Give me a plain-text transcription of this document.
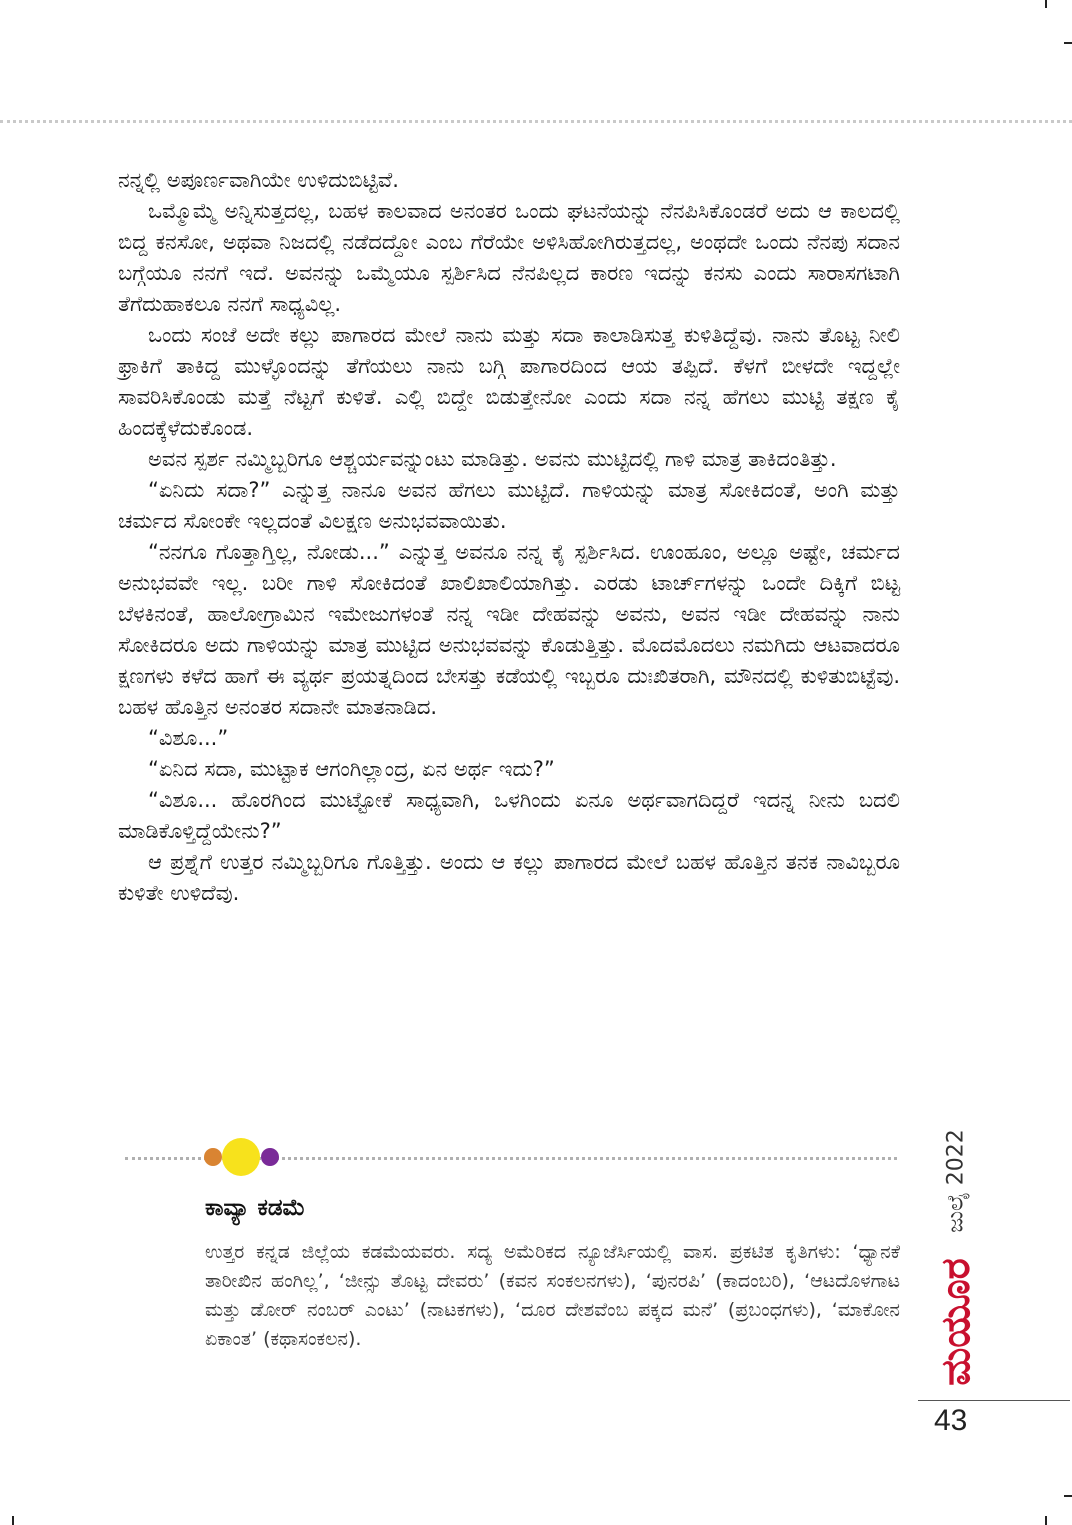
ನನ್ನಲ್ಲಿ ಅಪೂರ್ಣವಾಗಿಯೇ ಉಳಿದುಬಿಟ್ಟಿವೆ.

ಒಮ್ಮೊಮ್ಮೆ ಅನ್ನಿಸುತ್ತದಲ್ಲ, ಬಹಳ ಕಾಲವಾದ ಅನಂತರ ಒಂದು ಘಟನೆಯನ್ನು ನೆನಪಿಸಿಕೊಂಡರೆ ಅದು ಆ ಕಾಲದಲ್ಲಿ ಬಿದ್ದ ಕನಸೋ, ಅಥವಾ ನಿಜದಲ್ಲಿ ನಡೆದದ್ದೋ ಎಂಬ ಗೆರೆಯೇ ಅಳಿಸಿಹೋಗಿರುತ್ತದಲ್ಲ, ಅಂಥದೇ ಒಂದು ನೆನಪು ಸದಾನ ಬಗ್ಗೆಯೂ ನನಗೆ ಇದೆ. ಅವನನ್ನು ಒಮ್ಮೆಯೂ ಸ್ಪರ್ಶಿಸಿದ ನೆನಪಿಲ್ಲದ ಕಾರಣ ಇದನ್ನು ಕನಸು ಎಂದು ಸಾರಾಸಗಟಾಗಿ ತೆಗೆದುಹಾಕಲೂ ನನಗೆ ಸಾಧ್ಯವಿಲ್ಲ.

ಒಂದು ಸಂಜೆ ಅದೇ ಕಲ್ಲು ಪಾಗಾರದ ಮೇಲೆ ನಾನು ಮತ್ತು ಸದಾ ಕಾಲಾಡಿಸುತ್ತ ಕುಳಿತಿದ್ದೆವು. ನಾನು ತೊಟ್ಟ ನೀಲಿ ಫ್ರಾಕಿಗೆ ತಾಕಿದ್ದ ಮುಳ್ಳೊಂದನ್ನು ತೆಗೆಯಲು ನಾನು ಬಗ್ಗಿ ಪಾಗಾರದಿಂದ ಆಯ ತಪ್ಪಿದೆ. ಕೆಳಗೆ ಬೀಳದೇ ಇದ್ದಲ್ಲೇ ಸಾವರಿಸಿಕೊಂಡು ಮತ್ತೆ ನೆಟ್ಟಗೆ ಕುಳಿತೆ. ಎಲ್ಲಿ ಬಿದ್ದೇ ಬಿಡುತ್ತೇನೋ ಎಂದು ಸದಾ ನನ್ನ ಹೆಗಲು ಮುಟ್ಟಿ ತಕ್ಷಣ ಕೈ ಹಿಂದಕ್ಕೆಳೆದುಕೊಂಡ.

ಅವನ ಸ್ಪರ್ಶ ನಮ್ಮಿಬ್ಬರಿಗೂ ಆಶ್ಚರ್ಯವನ್ನುಂಟು ಮಾಡಿತ್ತು. ಅವನು ಮುಟ್ಟಿದಲ್ಲಿ ಗಾಳಿ ಮಾತ್ರ ತಾಕಿದಂತಿತ್ತು.

“ಏನಿದು ಸದಾ?” ಎನ್ನುತ್ತ ನಾನೂ ಅವನ ಹೆಗಲು ಮುಟ್ಟಿದೆ. ಗಾಳಿಯನ್ನು ಮಾತ್ರ ಸೋಕಿದಂತೆ, ಅಂಗಿ ಮತ್ತು ಚರ್ಮದ ಸೋಂಕೇ ಇಲ್ಲದಂತೆ ವಿಲಕ್ಷಣ ಅನುಭವವಾಯಿತು.

“ನನಗೂ ಗೊತ್ತಾಗ್ತಿಲ್ಲ, ನೋಡು...” ಎನ್ನುತ್ತ ಅವನೂ ನನ್ನ ಕೈ ಸ್ಪರ್ಶಿಸಿದ. ಊಂಹೂಂ, ಅಲ್ಲೂ ಅಷ್ಟೇ, ಚರ್ಮದ ಅನುಭವವೇ ಇಲ್ಲ. ಬರೀ ಗಾಳಿ ಸೋಕಿದಂತೆ ಖಾಲಿಖಾಲಿಯಾಗಿತ್ತು. ಎರಡು ಟಾರ್ಚ್‌ಗಳನ್ನು ಒಂದೇ ದಿಕ್ಕಿಗೆ ಬಿಟ್ಟ ಬೆಳಕಿನಂತೆ, ಹಾಲೋಗ್ರಾಮಿನ ಇಮೇಜುಗಳಂತೆ ನನ್ನ ಇಡೀ ದೇಹವನ್ನು ಅವನು, ಅವನ ಇಡೀ ದೇಹವನ್ನು ನಾನು ಸೋಕಿದರೂ ಅದು ಗಾಳಿಯನ್ನು ಮಾತ್ರ ಮುಟ್ಟಿದ ಅನುಭವವನ್ನು ಕೊಡುತ್ತಿತ್ತು. ಮೊದಮೊದಲು ನಮಗಿದು ಆಟವಾದರೂ ಕ್ಷಣಗಳು ಕಳೆದ ಹಾಗೆ ಈ ವ್ಯರ್ಥ ಪ್ರಯತ್ನದಿಂದ ಬೇಸತ್ತು ಕಡೆಯಲ್ಲಿ ಇಬ್ಬರೂ ದುಃಖಿತರಾಗಿ, ಮೌನದಲ್ಲಿ ಕುಳಿತುಬಿಟ್ಟೆವು. ಬಹಳ ಹೊತ್ತಿನ ಅನಂತರ ಸದಾನೇ ಮಾತನಾಡಿದ.

“ವಿಶೂ...”

“ಏನಿದ ಸದಾ, ಮುಟ್ಟಾಕ ಆಗಂಗಿಲ್ಲಾಂದ್ರ, ಏನ ಅರ್ಥ ಇದು?”

“ವಿಶೂ... ಹೊರಗಿಂದ ಮುಟ್ಟೋಕೆ ಸಾಧ್ಯವಾಗಿ, ಒಳಗಿಂದು ಏನೂ ಅರ್ಥವಾಗದಿದ್ದರೆ ಇದನ್ನ ನೀನು ಬದಲಿ ಮಾಡಿಕೊಳ್ತಿದ್ದೆಯೇನು?”

ಆ ಪ್ರಶ್ನೆಗೆ ಉತ್ತರ ನಮ್ಮಿಬ್ಬರಿಗೂ ಗೊತ್ತಿತ್ತು. ಅಂದು ಆ ಕಲ್ಲು ಪಾಗಾರದ ಮೇಲೆ ಬಹಳ ಹೊತ್ತಿನ ತನಕ ನಾವಿಬ್ಬರೂ ಕುಳಿತೇ ಉಳಿದೆವು.

ಕಾವ್ಯಾ ಕಡಮೆ

ಉತ್ತರ ಕನ್ನಡ ಜಿಲ್ಲೆಯ ಕಡಮೆಯವರು. ಸದ್ಯ ಅಮೆರಿಕದ ನ್ಯೂಜೆರ್ಸಿಯಲ್ಲಿ ವಾಸ. ಪ್ರಕಟಿತ ಕೃತಿಗಳು: ‘ಧ್ಯಾನಕೆ ತಾರೀಖಿನ ಹಂಗಿಲ್ಲ’, ‘ಜೀನ್ಸು ತೊಟ್ಟ ದೇವರು’ (ಕವನ ಸಂಕಲನಗಳು), ‘ಪುನರಪಿ’ (ಕಾದಂಬರಿ), ‘ಆಟದೊಳಗಾಟ ಮತ್ತು ಡೋರ್ ನಂಬರ್ ಎಂಟು’ (ನಾಟಕಗಳು), ‘ದೂರ ದೇಶವೆಂಬ ಪಕ್ಕದ ಮನೆ’ (ಪ್ರಬಂಧಗಳು), ‘ಮಾಕೋನ ಏಕಾಂತ’ (ಕಥಾಸಂಕಲನ).

ಜುಲೈ 2022
ಮಯೂರ
43
